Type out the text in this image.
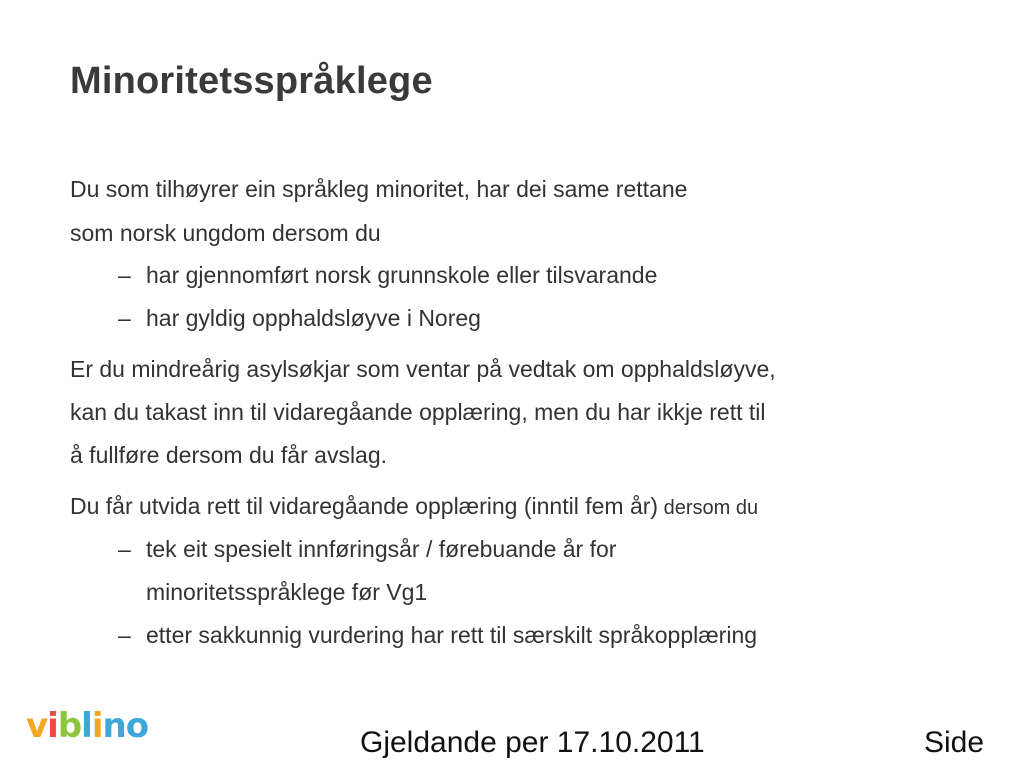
Minoritetsspråklege
Du som tilhøyrer ein språkleg minoritet, har dei same rettane
som norsk ungdom dersom du
– har gjennomført norsk grunnskole eller tilsvarande
– har gyldig opphaldsløyve i Noreg
Er du mindreårig asylsøkjar som ventar på vedtak om opphaldsløyve,
kan du takast inn til vidaregåande opplæring, men du har ikkje rett til
å fullføre dersom du får avslag.
Du får utvida rett til vidaregåande opplæring (inntil fem år) dersom du
– tek eit spesielt innføringsår / førebuande år for
minoritetsspråklege før Vg1
– etter sakkunnig vurdering har rett til særskilt språkopplæring
viblino	Gjeldande per 17.10.2011	Side
